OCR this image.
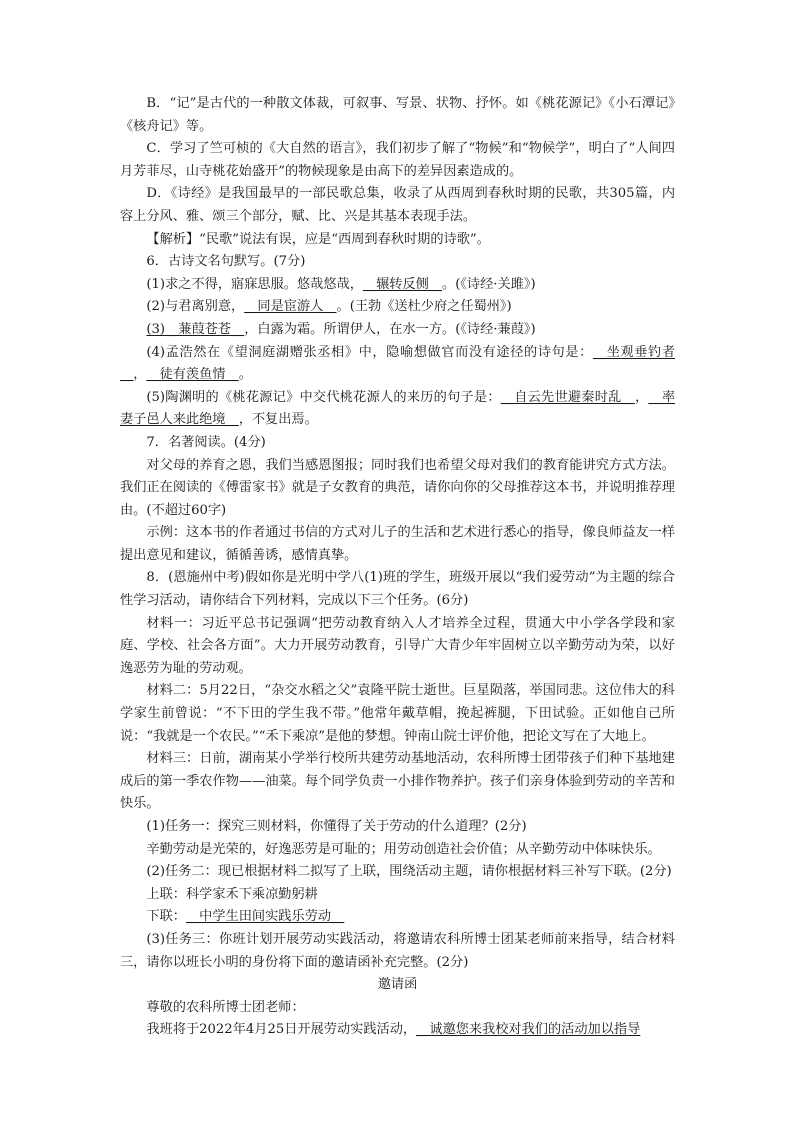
B．“记”是古代的一种散文体裁，可叙事、写景、状物、抒怀。如《桃花源记》《小石潭记》《核舟记》等。

C．学习了竺可桢的《大自然的语言》，我们初步了解了“物候”和“物候学”，明白了“人间四月芳菲尽，山寺桃花始盛开”的物候现象是由高下的差异因素造成的。

D．《诗经》是我国最早的一部民歌总集，收录了从西周到春秋时期的民歌，共305篇，内容上分风、雅、颂三个部分，赋、比、兴是其基本表现手法。

【解析】“民歌”说法有误，应是“西周到春秋时期的诗歌”。

6．古诗文名句默写。(7分)

(1)求之不得，寤寐思服。悠哉悠哉，__辗转反侧__。(《诗经·关雎》)

(2)与君离别意，__同是宦游人__。(王勃《送杜少府之任蜀州》)

(3)__蒹葭苍苍__，白露为霜。所谓伊人，在水一方。(《诗经·蒹葭》)

(4)孟浩然在《望洞庭湖赠张丞相》中，隐喻想做官而没有途径的诗句是：__坐观垂钓者__，__徒有羡鱼情__。

(5)陶渊明的《桃花源记》中交代桃花源人的来历的句子是：__自云先世避秦时乱__，__率妻子邑人来此绝境__，不复出焉。

7．名著阅读。(4分)

对父母的养育之恩，我们当感恩图报；同时我们也希望父母对我们的教育能讲究方式方法。我们正在阅读的《傅雷家书》就是子女教育的典范，请你向你的父母推荐这本书，并说明推荐理由。(不超过60字)

示例：这本书的作者通过书信的方式对儿子的生活和艺术进行悉心的指导，像良师益友一样提出意见和建议，循循善诱，感情真挚。

8．(恩施州中考)假如你是光明中学八(1)班的学生，班级开展以“我们爱劳动”为主题的综合性学习活动，请你结合下列材料，完成以下三个任务。(6分)

材料一：习近平总书记强调“把劳动教育纳入人才培养全过程，贯通大中小学各学段和家庭、学校、社会各方面”。大力开展劳动教育，引导广大青少年牢固树立以辛勤劳动为荣，以好逸恶劳为耻的劳动观。

材料二：5月22日，“杂交水稻之父”袁隆平院士逝世。巨星陨落，举国同悲。这位伟大的科学家生前曾说：“不下田的学生我不带。”他常年戴草帽，挽起裤腿，下田试验。正如他自己所说：“我就是一个农民。”“禾下乘凉”是他的梦想。钟南山院士评价他，把论文写在了大地上。

材料三：日前，湖南某小学举行校所共建劳动基地活动，农科所博士团带孩子们种下基地建成后的第一季农作物——油菜。每个同学负责一小排作物养护。孩子们亲身体验到劳动的辛苦和快乐。

(1)任务一：探究三则材料，你懂得了关于劳动的什么道理？(2分)

辛勤劳动是光荣的，好逸恶劳是可耻的；用劳动创造社会价值；从辛勤劳动中体味快乐。

(2)任务二：现已根据材料二拟写了上联，围绕活动主题，请你根据材料三补写下联。(2分)

上联：科学家禾下乘凉勤躬耕

下联：__中学生田间实践乐劳动__

(3)任务三：你班计划开展劳动实践活动，将邀请农科所博士团某老师前来指导，结合材料三，请你以班长小明的身份将下面的邀请函补充完整。(2分)

邀请函

尊敬的农科所博士团老师：

我班将于2022年4月25日开展劳动实践活动，__诚邀您来我校对我们的活动加以指导
